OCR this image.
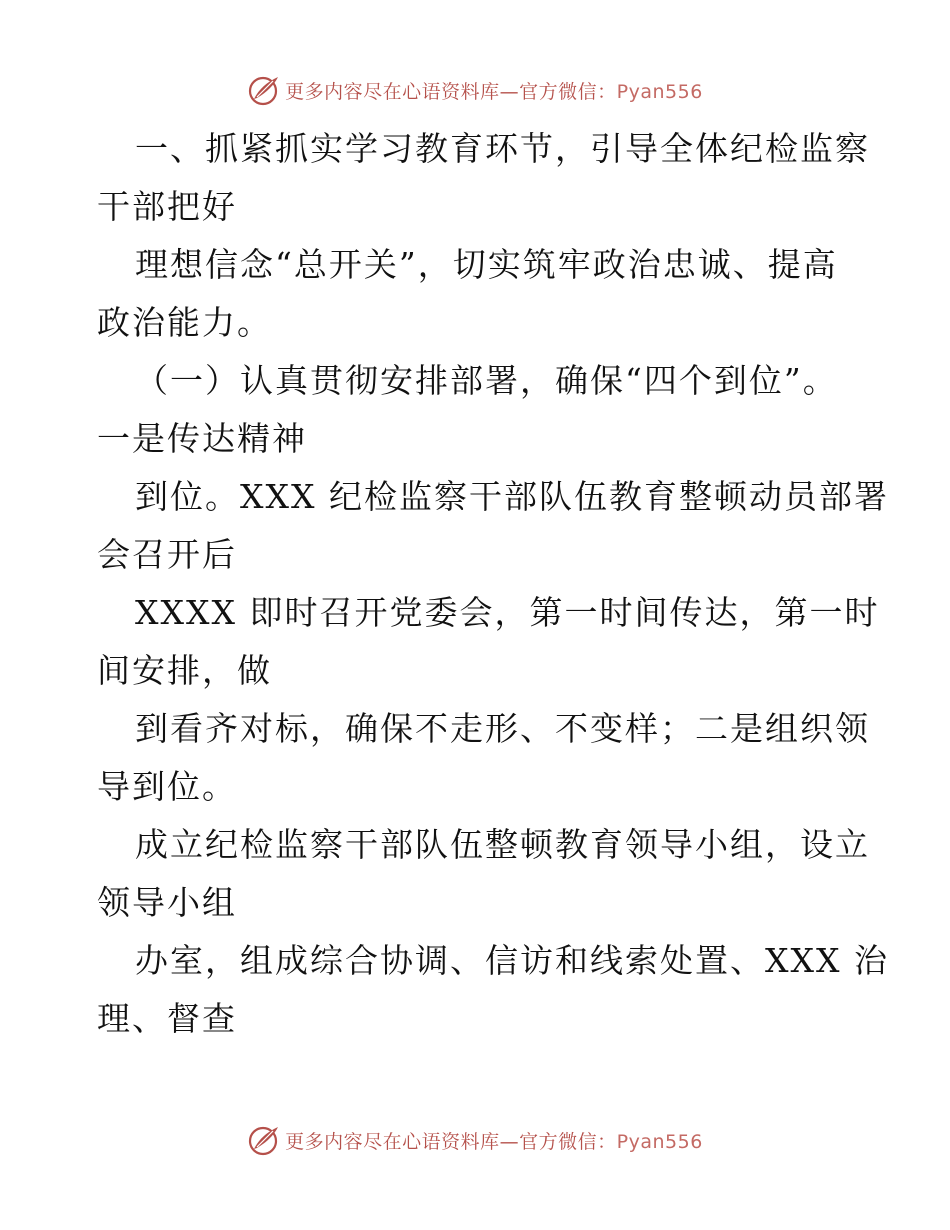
更多内容尽在心语资料库—官方微信：Pyan556
一、抓紧抓实学习教育环节，引导全体纪检监察
干部把好
理想信念“总开关”，切实筑牢政治忠诚、提高
政治能力。
（一）认真贯彻安排部署，确保“四个到位”。
一是传达精神
到位。XXX 纪检监察干部队伍教育整顿动员部署
会召开后
XXXX 即时召开党委会，第一时间传达，第一时
间安排，做
到看齐对标，确保不走形、不变样；二是组织领
导到位。
成立纪检监察干部队伍整顿教育领导小组，设立
领导小组
办室，组成综合协调、信访和线索处置、XXX 治
理、督查
更多内容尽在心语资料库—官方微信：Pyan556
